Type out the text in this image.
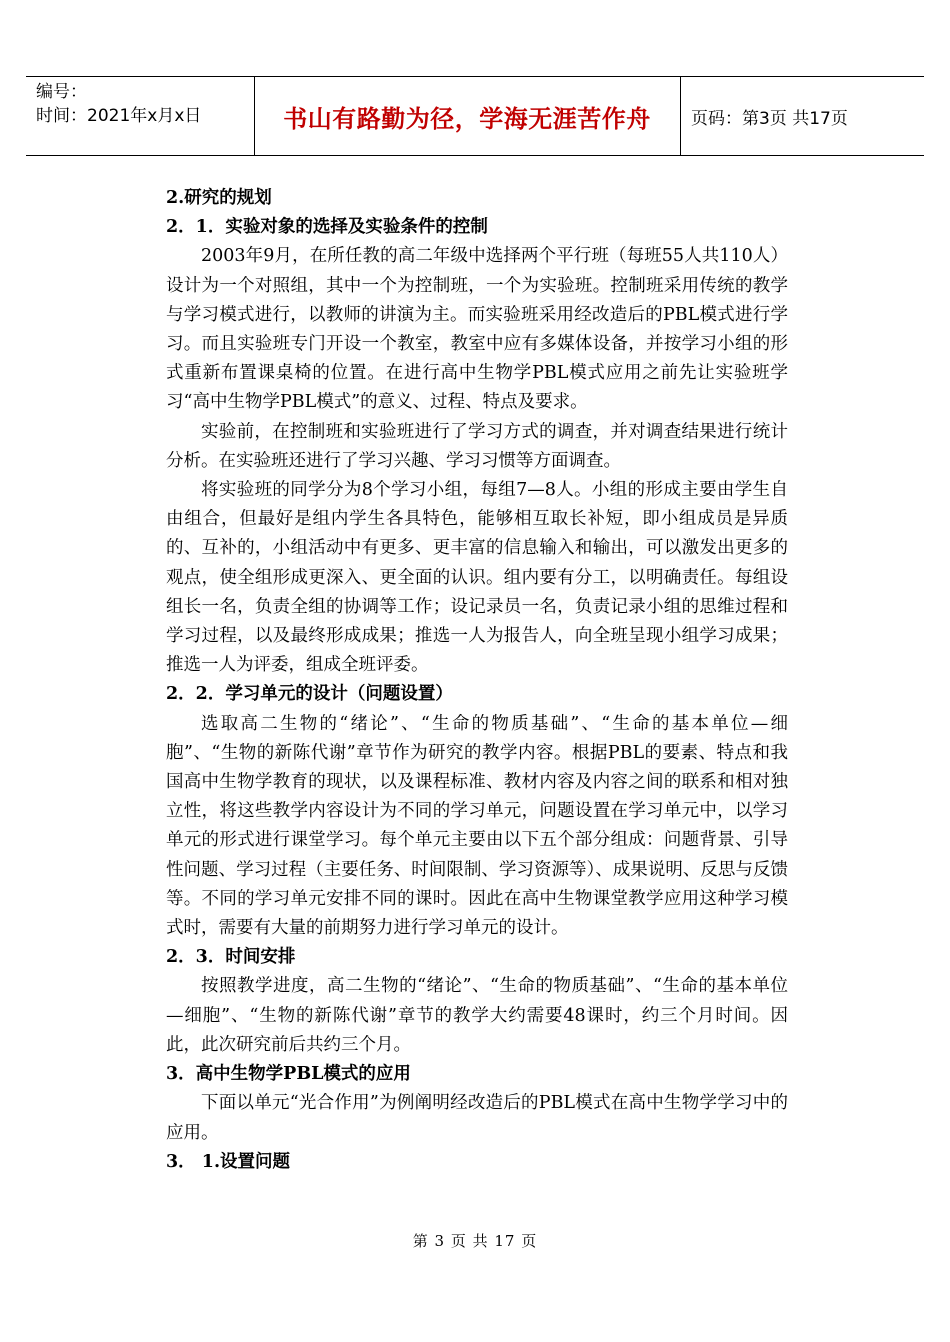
编号：
时间：2021年x月x日	书山有路勤为径，学海无涯苦作舟	页码：第3页 共17页

2.研究的规划

2．1．实验对象的选择及实验条件的控制

2003年9月，在所任教的高二年级中选择两个平行班（每班55人共110人）设计为一个对照组，其中一个为控制班，一个为实验班。控制班采用传统的教学与学习模式进行，以教师的讲演为主。而实验班采用经改造后的PBL模式进行学习。而且实验班专门开设一个教室，教室中应有多媒体设备，并按学习小组的形式重新布置课桌椅的位置。在进行高中生物学PBL模式应用之前先让实验班学习“高中生物学PBL模式”的意义、过程、特点及要求。

实验前，在控制班和实验班进行了学习方式的调查，并对调查结果进行统计分析。在实验班还进行了学习兴趣、学习习惯等方面调查。

将实验班的同学分为8个学习小组，每组7—8人。小组的形成主要由学生自由组合，但最好是组内学生各具特色，能够相互取长补短，即小组成员是异质的、互补的，小组活动中有更多、更丰富的信息输入和输出，可以激发出更多的观点，使全组形成更深入、更全面的认识。组内要有分工，以明确责任。每组设组长一名，负责全组的协调等工作；设记录员一名，负责记录小组的思维过程和学习过程，以及最终形成成果；推选一人为报告人，向全班呈现小组学习成果；推选一人为评委，组成全班评委。

2．2．学习单元的设计（问题设置）

选取高二生物的“绪论”、“生命的物质基础”、“生命的基本单位—细胞”、“生物的新陈代谢”章节作为研究的教学内容。根据PBL的要素、特点和我国高中生物学教育的现状，以及课程标准、教材内容及内容之间的联系和相对独立性，将这些教学内容设计为不同的学习单元，问题设置在学习单元中，以学习单元的形式进行课堂学习。每个单元主要由以下五个部分组成：问题背景、引导性问题、学习过程（主要任务、时间限制、学习资源等）、成果说明、反思与反馈等。不同的学习单元安排不同的课时。因此在高中生物课堂教学应用这种学习模式时，需要有大量的前期努力进行学习单元的设计。

2．3．时间安排

按照教学进度，高二生物的“绪论”、“生命的物质基础”、“生命的基本单位—细胞”、“生物的新陈代谢”章节的教学大约需要48课时，约三个月时间。因此，此次研究前后共约三个月。

3．高中生物学PBL模式的应用

下面以单元“光合作用”为例阐明经改造后的PBL模式在高中生物学学习中的应用。

3． 1.设置问题

第 3 页 共 17 页
